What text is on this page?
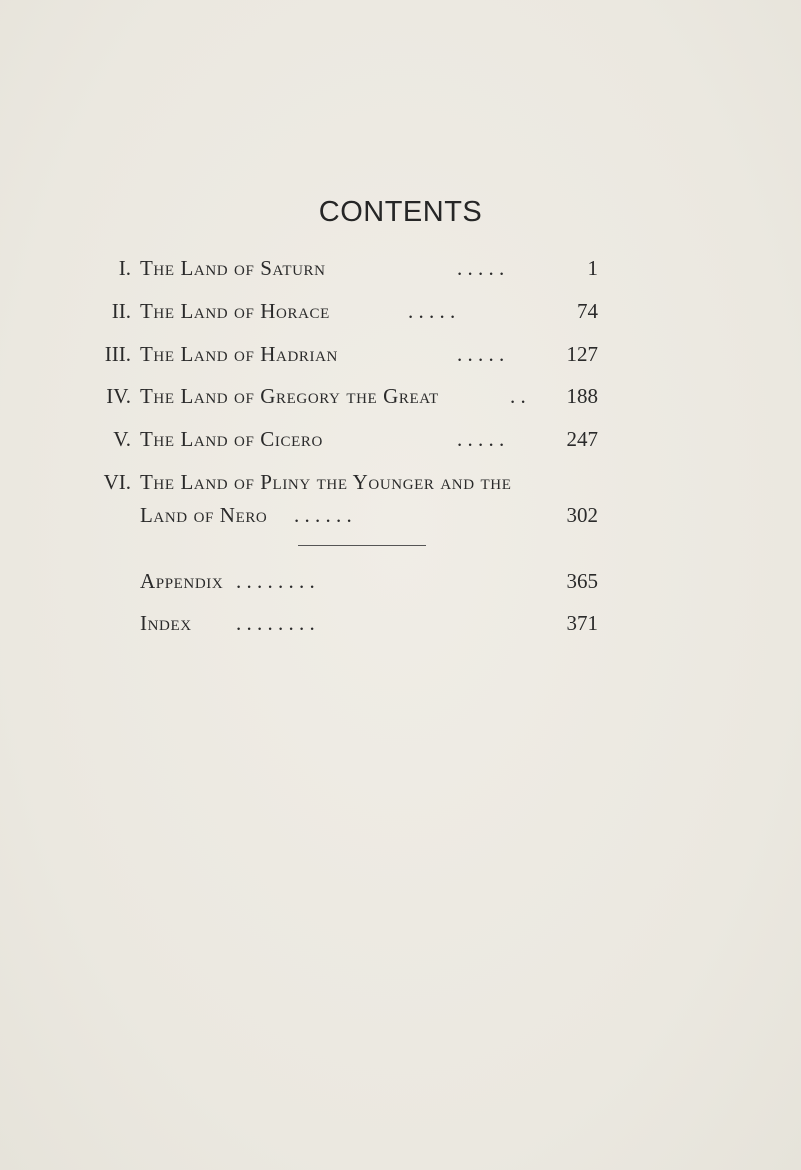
CONTENTS
I. The Land of Saturn	. . . . .	1
II. The Land of Horace	. . . . .	74
III. The Land of Hadrian	. . . . .	127
IV. The Land of Gregory the Great	. . 188
V. The Land of Cicero	. . . . .	247
VI. The Land of Pliny the Younger and the
Land of Nero . . . . . .	302
Appendix . . . . . . . .	365
Index . . . . . . . .	371
